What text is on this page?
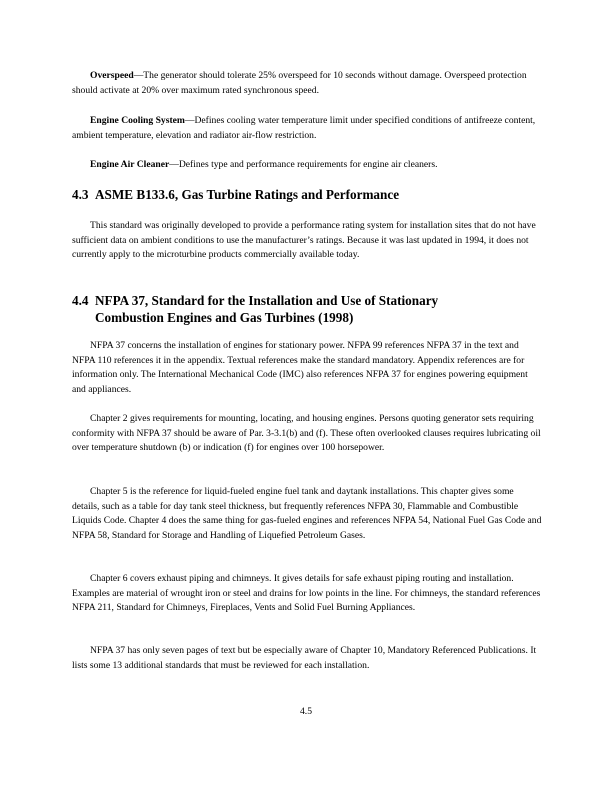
Overspeed—The generator should tolerate 25% overspeed for 10 seconds without damage. Overspeed protection should activate at 20% over maximum rated synchronous speed.

Engine Cooling System—Defines cooling water temperature limit under specified conditions of antifreeze content, ambient temperature, elevation and radiator air-flow restriction.

Engine Air Cleaner—Defines type and performance requirements for engine air cleaners.

4.3 ASME B133.6, Gas Turbine Ratings and Performance

This standard was originally developed to provide a performance rating system for installation sites that do not have sufficient data on ambient conditions to use the manufacturer’s ratings. Because it was last updated in 1994, it does not currently apply to the microturbine products commercially available today.

4.4 NFPA 37, Standard for the Installation and Use of Stationary
Combustion Engines and Gas Turbines (1998)

NFPA 37 concerns the installation of engines for stationary power. NFPA 99 references NFPA 37 in the text and NFPA 110 references it in the appendix. Textual references make the standard mandatory. Appendix references are for information only. The International Mechanical Code (IMC) also references NFPA 37 for engines powering equipment and appliances.

Chapter 2 gives requirements for mounting, locating, and housing engines. Persons quoting generator sets requiring conformity with NFPA 37 should be aware of Par. 3-3.1(b) and (f). These often overlooked clauses requires lubricating oil over temperature shutdown (b) or indication (f) for engines over 100 horsepower.

Chapter 5 is the reference for liquid-fueled engine fuel tank and daytank installations. This chapter gives some details, such as a table for day tank steel thickness, but frequently references NFPA 30, Flammable and Combustible Liquids Code. Chapter 4 does the same thing for gas-fueled engines and references NFPA 54, National Fuel Gas Code and NFPA 58, Standard for Storage and Handling of Liquefied Petroleum Gases.

Chapter 6 covers exhaust piping and chimneys. It gives details for safe exhaust piping routing and installation. Examples are material of wrought iron or steel and drains for low points in the line. For chimneys, the standard references NFPA 211, Standard for Chimneys, Fireplaces, Vents and Solid Fuel Burning Appliances.

NFPA 37 has only seven pages of text but be especially aware of Chapter 10, Mandatory Referenced Publications. It lists some 13 additional standards that must be reviewed for each installation.

4.5
